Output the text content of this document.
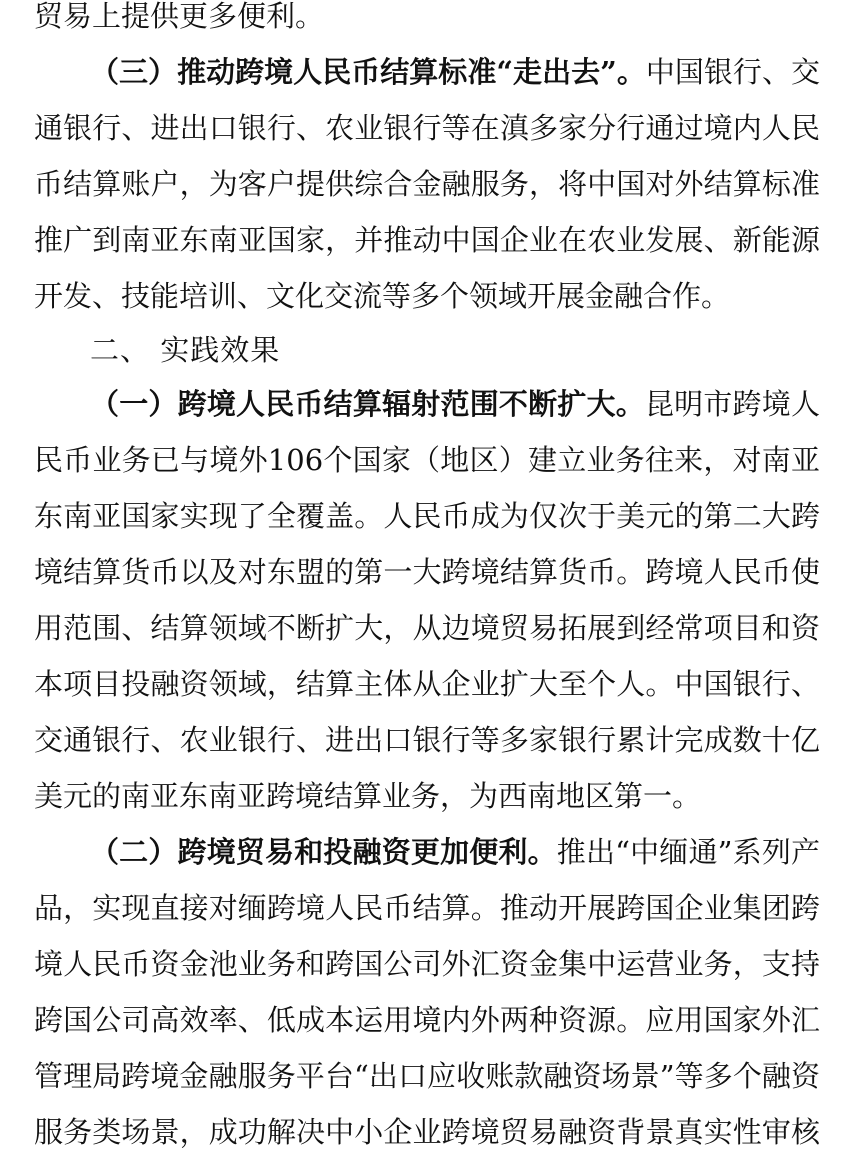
贸易上提供更多便利。
（三）推动跨境人民币结算标准“走出去”。中国银行、交
通银行、进出口银行、农业银行等在滇多家分行通过境内人民
币结算账户，为客户提供综合金融服务，将中国对外结算标准
推广到南亚东南亚国家，并推动中国企业在农业发展、新能源
开发、技能培训、文化交流等多个领域开展金融合作。
二、 实践效果
（一）跨境人民币结算辐射范围不断扩大。昆明市跨境人
民币业务已与境外106个国家（地区）建立业务往来，对南亚
东南亚国家实现了全覆盖。人民币成为仅次于美元的第二大跨
境结算货币以及对东盟的第一大跨境结算货币。跨境人民币使
用范围、结算领域不断扩大，从边境贸易拓展到经常项目和资
本项目投融资领域，结算主体从企业扩大至个人。中国银行、
交通银行、农业银行、进出口银行等多家银行累计完成数十亿
美元的南亚东南亚跨境结算业务，为西南地区第一。
（二）跨境贸易和投融资更加便利。推出“中缅通”系列产
品，实现直接对缅跨境人民币结算。推动开展跨国企业集团跨
境人民币资金池业务和跨国公司外汇资金集中运营业务，支持
跨国公司高效率、低成本运用境内外两种资源。应用国家外汇
管理局跨境金融服务平台“出口应收账款融资场景”等多个融资
服务类场景，成功解决中小企业跨境贸易融资背景真实性审核
